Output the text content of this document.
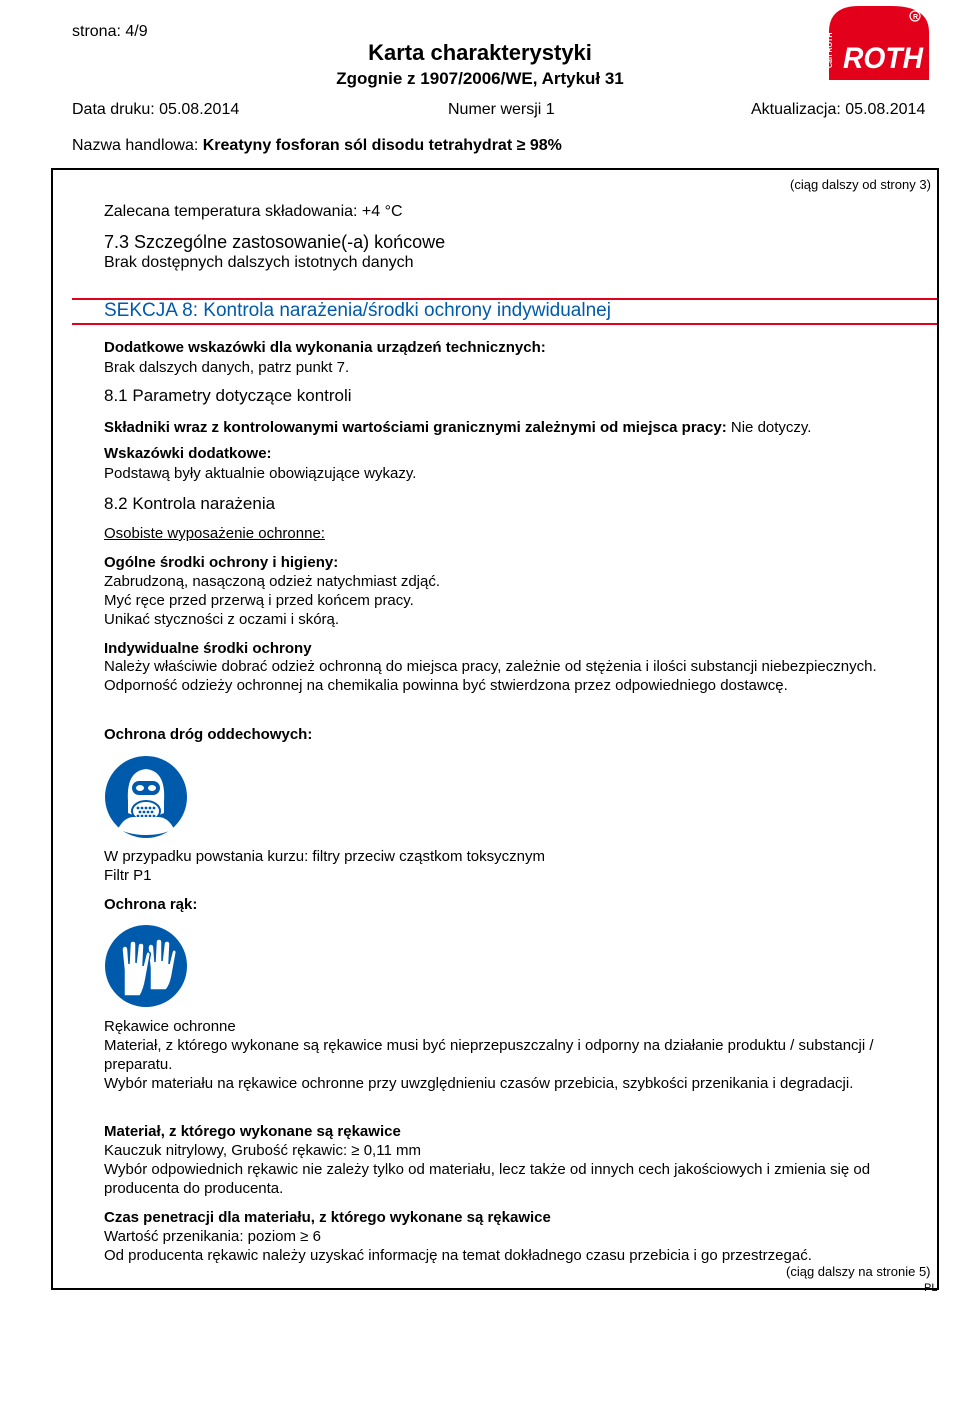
strona: 4/9
Karta charakterystyki
Zgognie z 1907/2006/WE, Artykuł 31
Data druku: 05.08.2014	Numer wersji 1	Aktualizacja: 05.08.2014
R
Carl ROTH ROTH
Nazwa handlowa: Kreatyny fosforan sól disodu tetrahydrat ≥ 98%
(ciąg dalszy od strony 3)
Zalecana temperatura składowania: +4 °C
7.3 Szczególne zastosowanie(-a) końcowe
Brak dostępnych dalszych istotnych danych
SEKCJA 8: Kontrola narażenia/środki ochrony indywidualnej
Dodatkowe wskazówki dla wykonania urządzeń technicznych:
Brak dalszych danych, patrz punkt 7.
8.1 Parametry dotyczące kontroli
Składniki wraz z kontrolowanymi wartościami granicznymi zależnymi od miejsca pracy: Nie dotyczy.
Wskazówki dodatkowe:
Podstawą były aktualnie obowiązujące wykazy.
8.2 Kontrola narażenia
Osobiste wyposażenie ochronne:
Ogólne środki ochrony i higieny:
Zabrudzoną, nasączoną odzież natychmiast zdjąć.
Myć ręce przed przerwą i przed końcem pracy.
Unikać styczności z oczami i skórą.
Indywidualne środki ochrony
Należy właściwie dobrać odzież ochronną do miejsca pracy, zależnie od stężenia i ilości substancji niebezpiecznych. Odporność odzieży ochronnej na chemikalia powinna być stwierdzona przez odpowiedniego dostawcę.
Ochrona dróg oddechowych:
W przypadku powstania kurzu: filtry przeciw cząstkom toksycznym
Filtr P1
Ochrona rąk:
Rękawice ochronne
Materiał, z którego wykonane są rękawice musi być nieprzepuszczalny i odporny na działanie produktu / substancji / preparatu.
Wybór materiału na rękawice ochronne przy uwzględnieniu czasów przebicia, szybkości przenikania i degradacji.
Materiał, z którego wykonane są rękawice
Kauczuk nitrylowy, Grubość rękawic: ≥ 0,11 mm
Wybór odpowiednich rękawic nie zależy tylko od materiału, lecz także od innych cech jakościowych i zmienia się od producenta do producenta.
Czas penetracji dla materiału, z którego wykonane są rękawice
Wartość przenikania: poziom ≥ 6
Od producenta rękawic należy uzyskać informację na temat dokładnego czasu przebicia i go przestrzegać.
(ciąg dalszy na stronie 5)
PL
